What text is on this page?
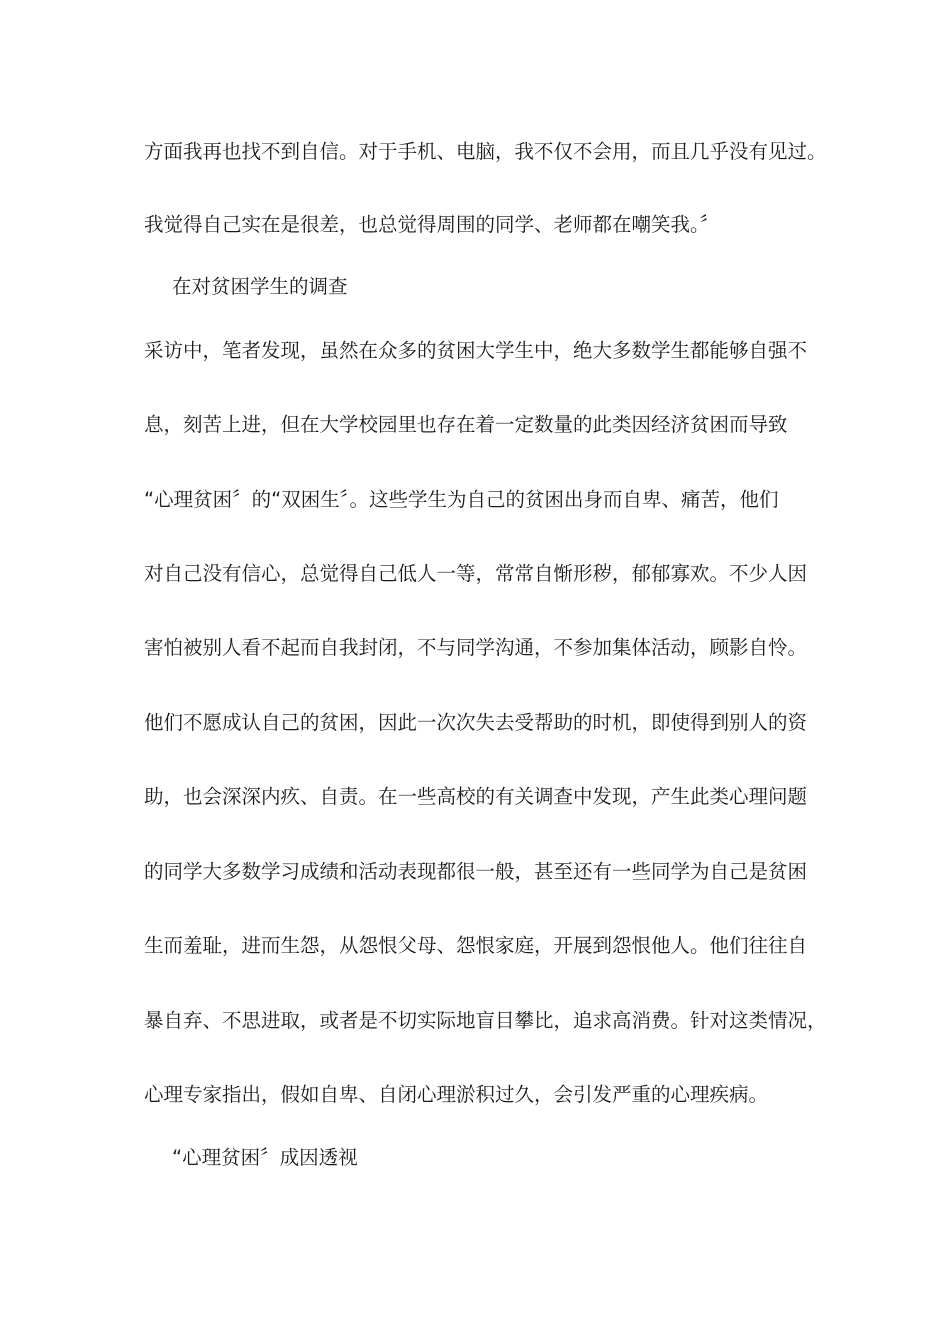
方面我再也找不到自信。对于手机、电脑，我不仅不会用，而且几乎没有见过。
我觉得自己实在是很差，也总觉得周围的同学、老师都在嘲笑我。〞
在对贫困学生的调查
采访中，笔者发现，虽然在众多的贫困大学生中，绝大多数学生都能够自强不
息，刻苦上进，但在大学校园里也存在着一定数量的此类因经济贫困而导致
“心理贫困〞的“双困生〞。这些学生为自己的贫困出身而自卑、痛苦，他们
对自己没有信心，总觉得自己低人一等，常常自惭形秽，郁郁寡欢。不少人因
害怕被别人看不起而自我封闭，不与同学沟通，不参加集体活动，顾影自怜。
他们不愿成认自己的贫困，因此一次次失去受帮助的时机，即使得到别人的资
助，也会深深内疚、自责。在一些高校的有关调查中发现，产生此类心理问题
的同学大多数学习成绩和活动表现都很一般，甚至还有一些同学为自己是贫困
生而羞耻，进而生怨，从怨恨父母、怨恨家庭，开展到怨恨他人。他们往往自
暴自弃、不思进取，或者是不切实际地盲目攀比，追求高消费。针对这类情况，
心理专家指出，假如自卑、自闭心理淤积过久，会引发严重的心理疾病。
“心理贫困〞成因透视
